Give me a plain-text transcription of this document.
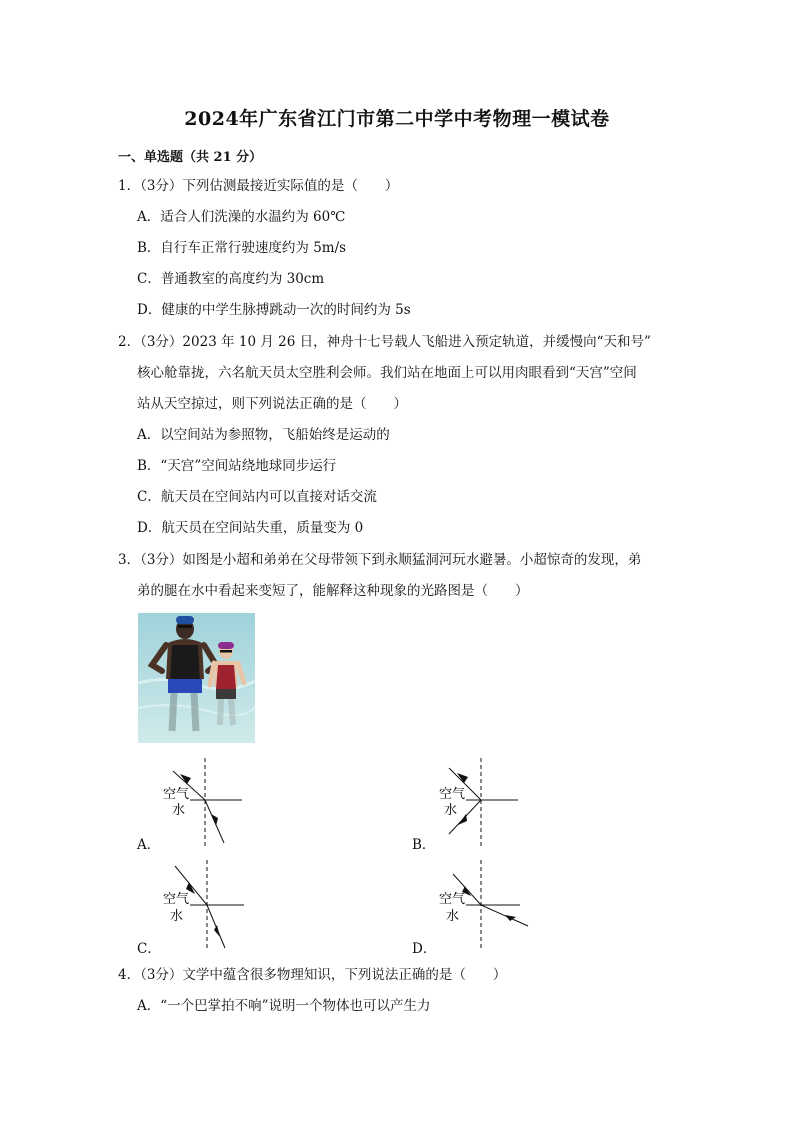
2024年广东省江门市第二中学中考物理一模试卷
一、单选题（共 21 分）
1．（3分）下列估测最接近实际值的是（　　）
A．适合人们洗澡的水温约为 60℃
B．自行车正常行驶速度约为 5m/s
C．普通教室的高度约为 30cm
D．健康的中学生脉搏跳动一次的时间约为 5s
2．（3分）2023 年 10 月 26 日，神舟十七号载人飞船进入预定轨道，并缓慢向“天和号”
核心舱靠拢，六名航天员太空胜利会师。我们站在地面上可以用肉眼看到“天宫”空间
站从天空掠过，则下列说法正确的是（　　）
A．以空间站为参照物，飞船始终是运动的
B．“天宫”空间站绕地球同步运行
C．航天员在空间站内可以直接对话交流
D．航天员在空间站失重，质量变为 0
3．（3分）如图是小超和弟弟在父母带领下到永顺猛洞河玩水避暑。小超惊奇的发现，弟
弟的腿在水中看起来变短了，能解释这种现象的光路图是（　　）
空气
水
A．
空气
水
B．
空气
水
C．
空气
水
D．
4．（3分）文学中蕴含很多物理知识，下列说法正确的是（　　）
A．“一个巴掌拍不响”说明一个物体也可以产生力
